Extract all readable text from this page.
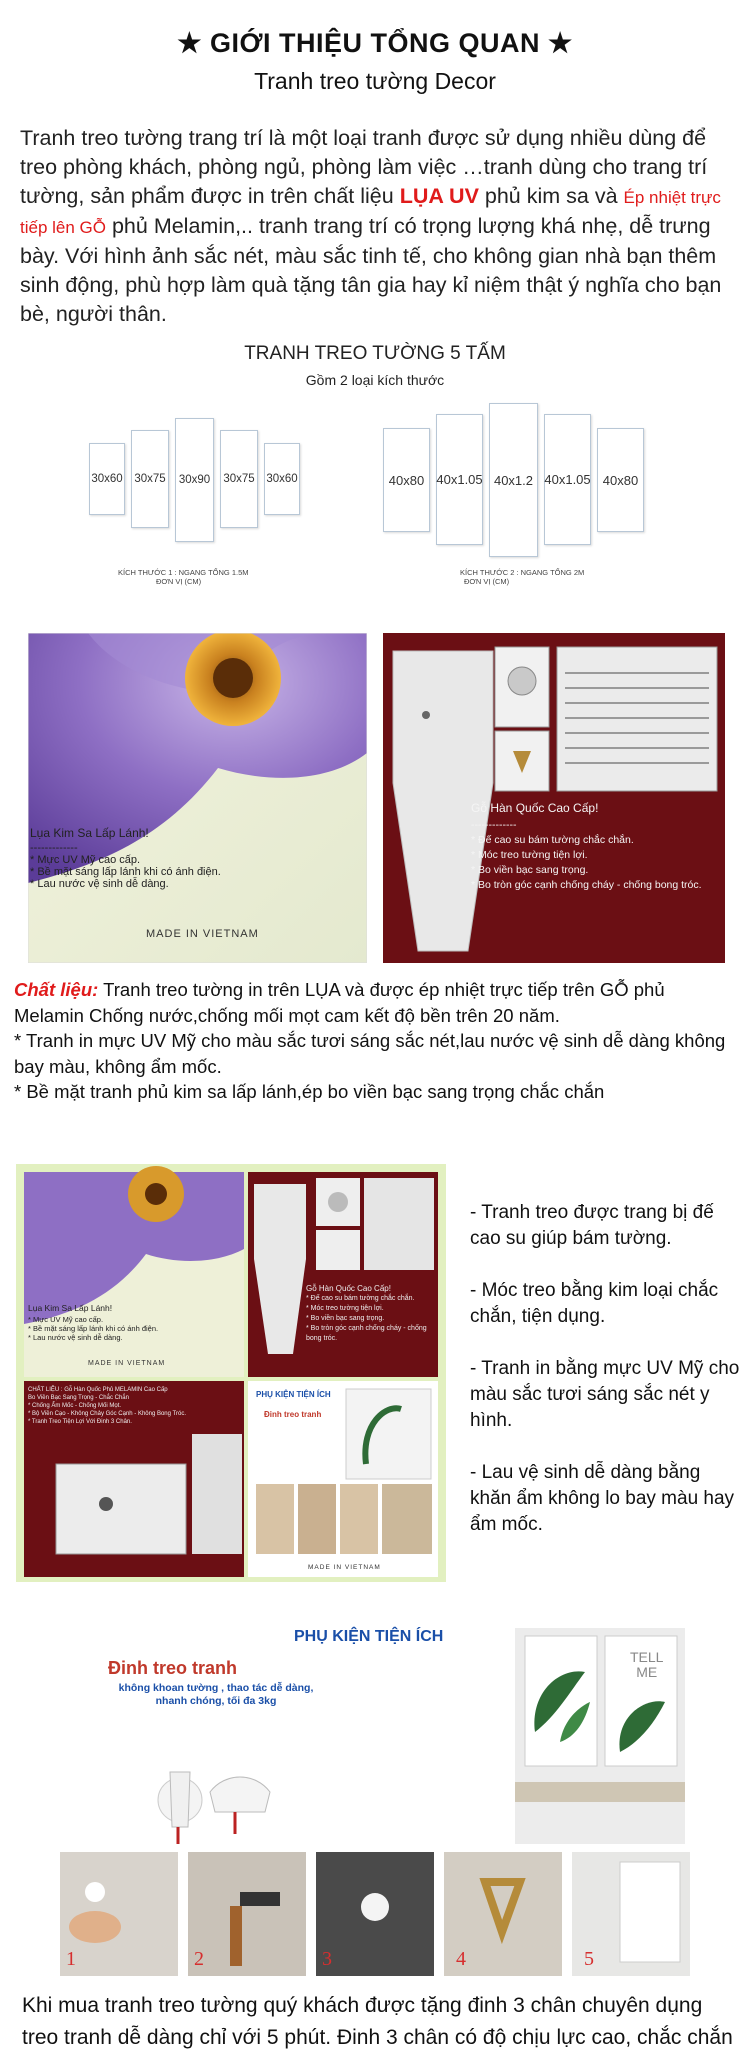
★ GIỚI THIỆU TỔNG QUAN ★
Tranh treo tường Decor
Tranh treo tường trang trí là một loại tranh được sử dụng nhiều dùng để treo phòng khách, phòng ngủ, phòng làm việc …tranh dùng cho trang trí tường, sản phẩm được in trên chất liệu LỤA UV phủ kim sa và Ép nhiệt trực tiếp lên GỖ phủ Melamin,.. tranh trang trí có trọng lượng khá nhẹ, dễ trưng bày. Với hình ảnh sắc nét, màu sắc tinh tế, cho không gian nhà bạn thêm sinh động, phù hợp làm quà tặng tân gia hay kỉ niệm thật ý nghĩa cho bạn bè, người thân.
TRANH TREO TƯỜNG 5 TẤM
Gồm 2 loại kích thước
30x60 30x75 30x90 30x75 30x60
KÍCH THƯỚC 1 : NGANG TỔNG 1.5M
ĐƠN VỊ (CM)
40x80 40x1.05 40x1.2 40x1.05 40x80
KÍCH THƯỚC 2 : NGANG TỔNG 2M
ĐƠN VỊ (CM)
Lụa Kim Sa Lấp Lánh!
-------------
* Mực UV Mỹ cao cấp.
* Bề mặt sáng lấp lánh khi có ánh điện.
* Lau nước vệ sinh dễ dàng.
MADE IN VIETNAM
Gỗ Hàn Quốc Cao Cấp!
-------------
* Đế cao su bám tường chắc chắn.
* Móc treo tường tiện lợi.
* Bo viền bạc sang trọng.
* Bo tròn góc cạnh chống cháy - chống bong tróc.
Chất liệu: Tranh treo tường in trên LỤA và được ép nhiệt trực tiếp trên GỖ phủ Melamin Chống nước,chống mối mọt cam kết độ bền trên 20 năm.
* Tranh in mực UV Mỹ cho màu sắc tươi sáng sắc nét,lau nước vệ sinh dễ dàng không bay màu, không ẩm mốc.
* Bề mặt tranh phủ kim sa lấp lánh,ép bo viền bạc sang trọng chắc chắn
Lụa Kim Sa Lấp Lánh!
* Mực UV Mỹ cao cấp.
* Bề mặt sáng lấp lánh khi có ánh điện.
* Lau nước vệ sinh dễ dàng.
MADE IN VIETNAM
Gỗ Hàn Quốc Cao Cấp!
* Đế cao su bám tường chắc chắn.
* Móc treo tường tiện lợi.
* Bo viền bạc sang trọng.
* Bo tròn góc cạnh chống cháy - chống bong tróc.
CHẤT LIỆU : Gỗ Hàn Quốc Phủ MELAMIN Cao Cấp
Bo Viền Bạc Sang Trọng - Chắc Chắn
* Chống Ẩm Mốc - Chống Mối Mọt.
* Bộ Viền Cạo - Không Chảy Góc Cạnh - Không Bong Tróc.
* Tranh Treo Tiện Lợi Với Đinh 3 Chân.
PHỤ KIỆN TIỆN ÍCH
Đinh treo tranh
MADE IN VIETNAM
- Tranh treo được trang bị đế cao su giúp bám tường.
- Móc treo bằng kim loại chắc chắn, tiện dụng.
- Tranh in bằng mực UV Mỹ cho màu sắc tươi sáng sắc nét y hình.
- Lau vệ sinh dễ dàng bằng khăn ẩm không lo bay màu hay ẩm mốc.
PHỤ KIỆN TIỆN ÍCH
Đinh treo tranh
không khoan tường , thao tác dễ dàng,
nhanh chóng, tối đa 3kg
TELL
ME
1	2	3	4	5
Khi mua tranh treo tường quý khách được tặng đinh 3 chân chuyên dụng
treo tranh dễ dàng chỉ với 5 phút. Đinh 3 chân có độ chịu lực cao, chắc chắn
